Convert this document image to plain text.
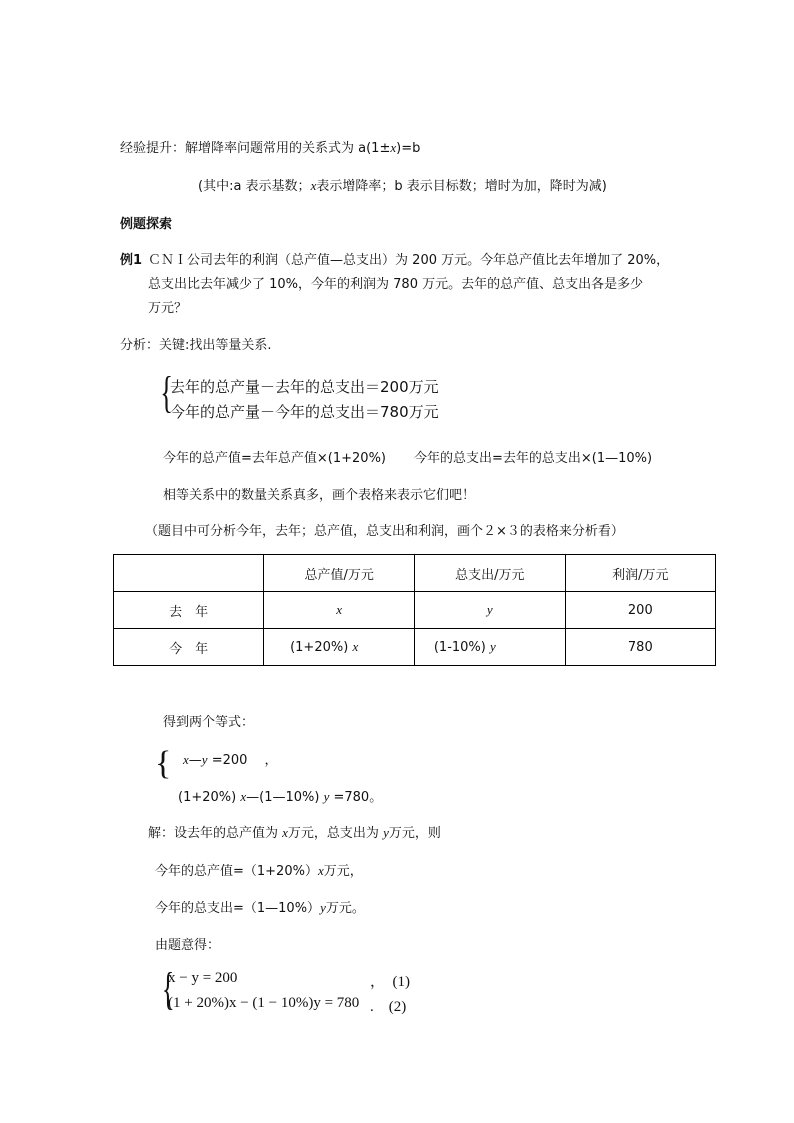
经验提升：解增降率问题常用的关系式为 a(1±x)=b
(其中:a 表示基数；x表示增降率；b 表示目标数；增时为加，降时为减)
例题探索
例1 ＣＮＩ公司去年的利润（总产值—总支出）为 200 万元。今年总产值比去年增加了 20%，
总支出比去年减少了 10%，今年的利润为 780 万元。去年的总产值、总支出各是多少
万元？
分析：关键:找出等量关系.
{
去年的总产量－去年的总支出＝200万元
今年的总产量－今年的总支出＝780万元
今年的总产值=去年总产值×(1+20%) 今年的总支出=去年的总支出×(1—10%)
相等关系中的数量关系真多，画个表格来表示它们吧！
（题目中可分析今年，去年；总产值，总支出和利润，画个２×３的表格来分析看）
	总产值/万元	总支出/万元	利润/万元
去　年	x	y	200
今　年	(1+20%) x	(1-10%) y	780
得到两个等式：
{ x—y =200　 ，
(1+20%) x—(1—10%) y =780。
解：设去年的总产值为 x万元，总支出为 y万元，则
今年的总产值=（1+20%）x万元，
今年的总支出=（1—10%）y万元。
由题意得：
{
x − y = 200	，　(1)
(1 + 20%)x − (1 − 10%)y = 780 .　(2)
